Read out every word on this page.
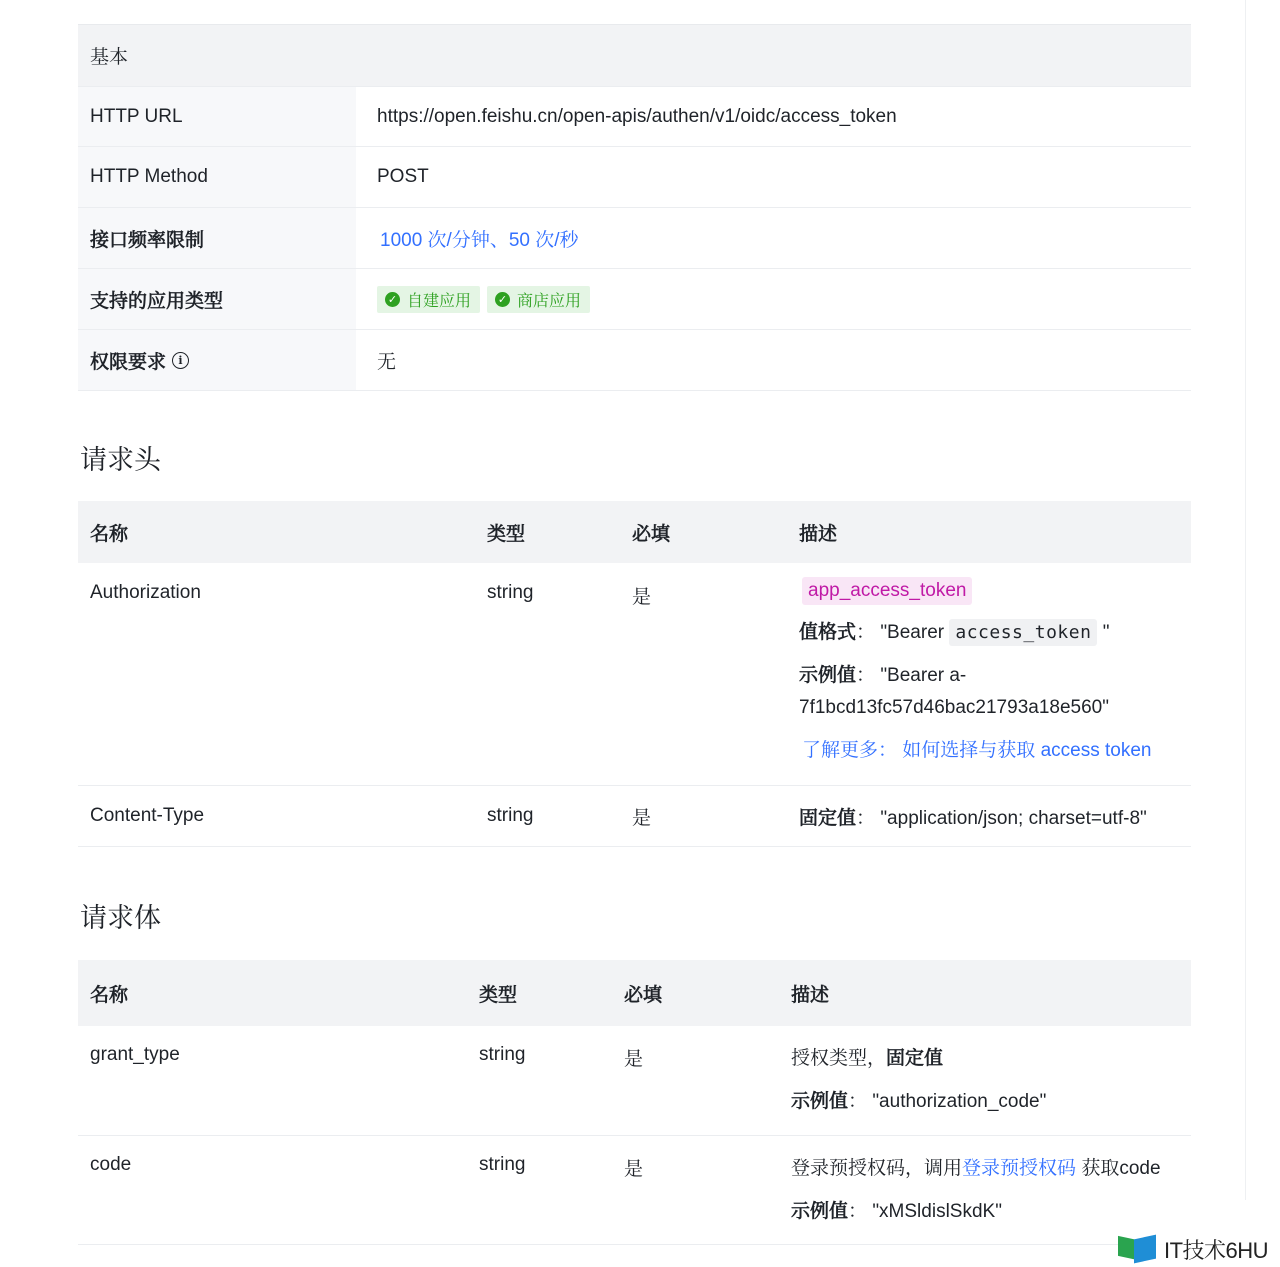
基本
HTTP URL	https://open.feishu.cn/open-apis/authen/v1/oidc/access_token
HTTP Method	POST
接口频率限制	1000 次/分钟、50 次/秒
支持的应用类型	✓ 自建应用 ✓ 商店应用
权限要求	i	无
请求头
名称	类型	必填	描述
Authorization	string	是	app_access_token
值格式： "Bearer access_token "
示例值： "Bearer a-
7f1bcd13fc57d46bac21793a18e560"
了解更多： 如何选择与获取 access token
Content-Type	string	是	固定值： "application/json; charset=utf-8"
请求体
名称	类型	必填	描述
grant_type	string	是	授权类型，固定值
示例值： "authorization_code"
code	string	是	登录预授权码，调用登录预授权码 获取code
示例值： "xMSldislSkdK"
IT技术6HU
